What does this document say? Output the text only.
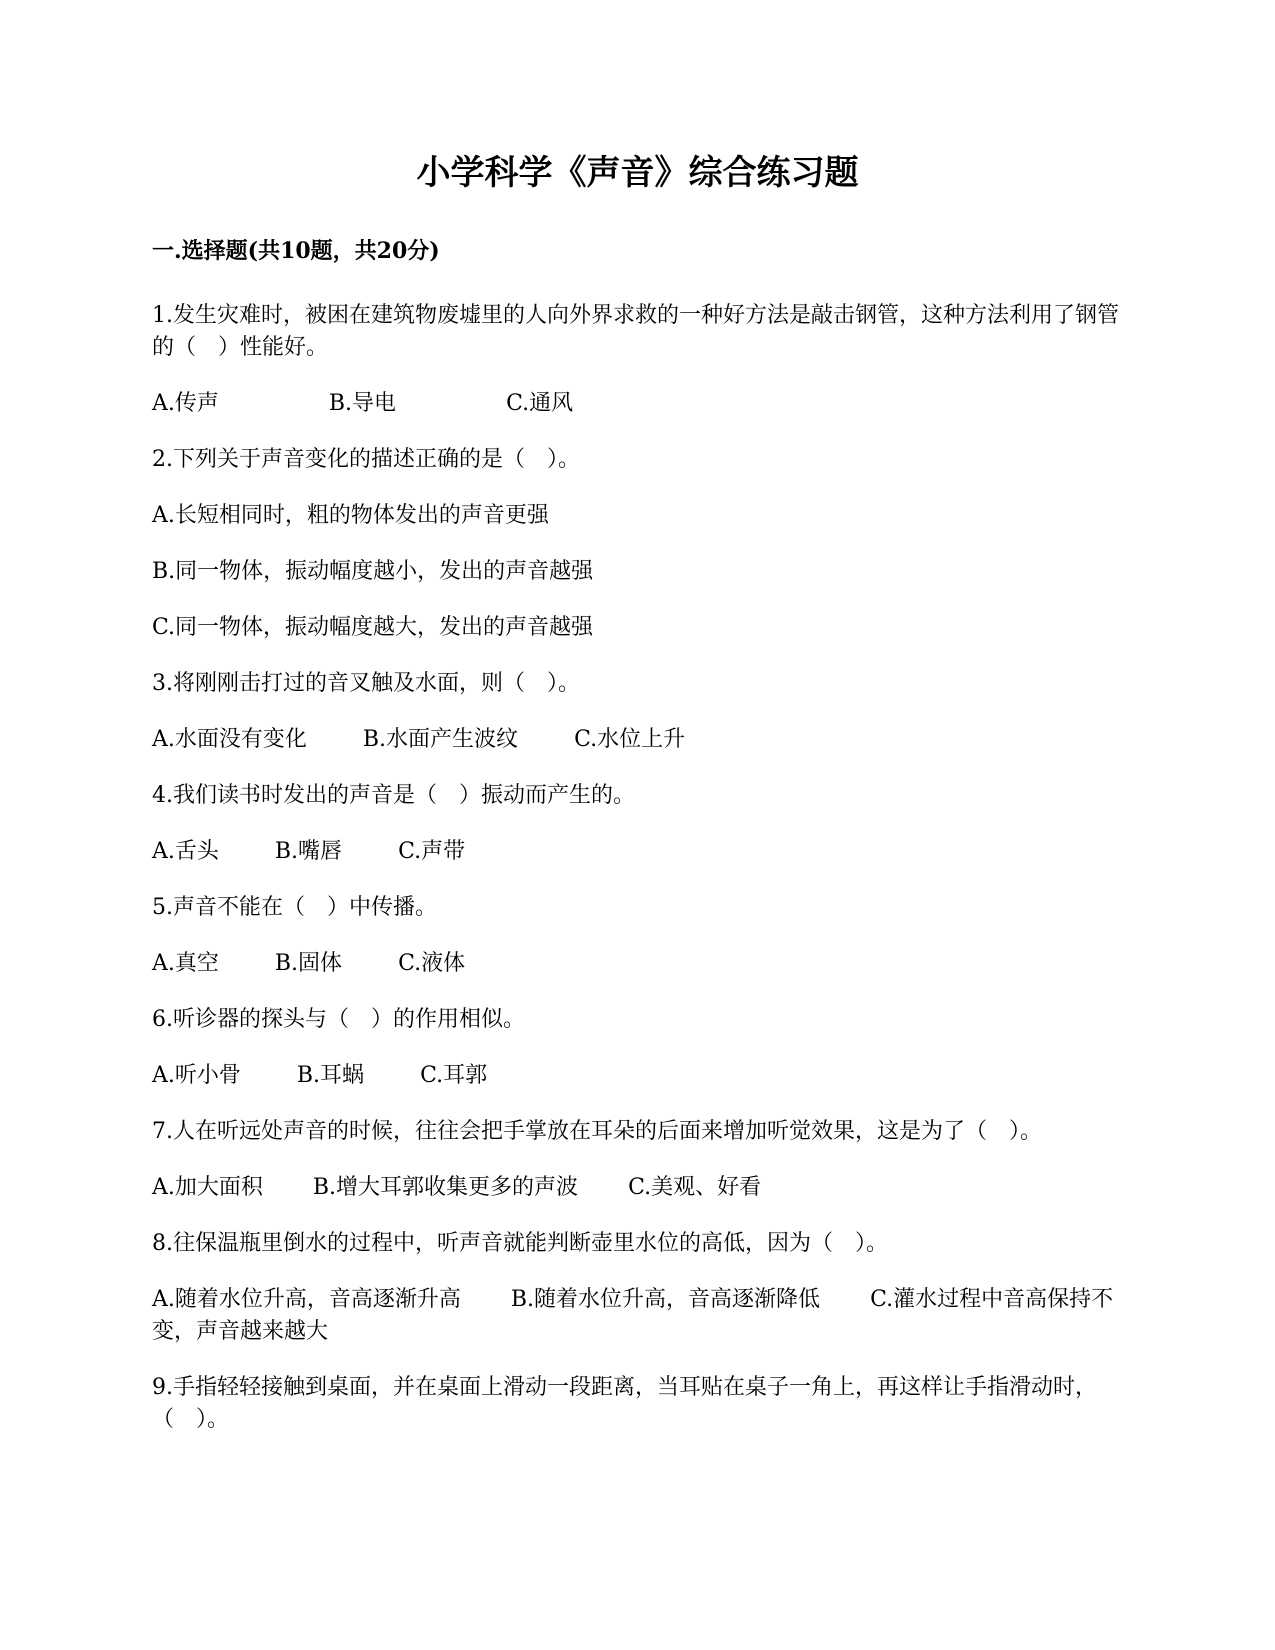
小学科学《声音》综合练习题
一.选择题(共10题，共20分)
1.发生灾难时，被困在建筑物废墟里的人向外界求救的一种好方法是敲击钢管，这种方法利用了钢管的（　）性能好。
A.传声	B.导电	C.通风
2.下列关于声音变化的描述正确的是（　）。
A.长短相同时，粗的物体发出的声音更强
B.同一物体，振动幅度越小，发出的声音越强
C.同一物体，振动幅度越大，发出的声音越强
3.将刚刚击打过的音叉触及水面，则（　）。
A.水面没有变化	B.水面产生波纹	C.水位上升
4.我们读书时发出的声音是（　）振动而产生的。
A.舌头	B.嘴唇	C.声带
5.声音不能在（　）中传播。
A.真空	B.固体	C.液体
6.听诊器的探头与（　）的作用相似。
A.听小骨	B.耳蜗	C.耳郭
7.人在听远处声音的时候，往往会把手掌放在耳朵的后面来增加听觉效果，这是为了（　）。
A.加大面积 B.增大耳郭收集更多的声波 C.美观、好看
8.往保温瓶里倒水的过程中，听声音就能判断壶里水位的高低，因为（　）。
A.随着水位升高，音高逐渐升高 B.随着水位升高，音高逐渐降低 C.灌水过程中音高保持不变，声音越来越大
9.手指轻轻接触到桌面，并在桌面上滑动一段距离，当耳贴在桌子一角上，再这样让手指滑动时，（　）。
